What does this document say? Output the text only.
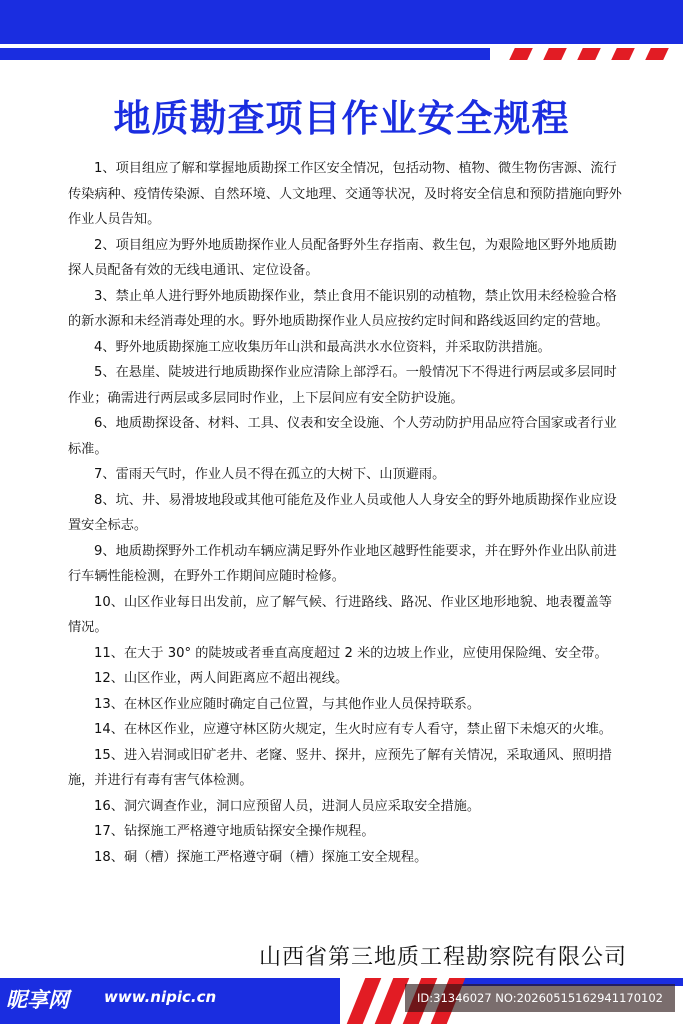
地质勘查项目作业安全规程

1、项目组应了解和掌握地质勘探工作区安全情况，包括动物、植物、微生物伤害源、流行传染病种、疫情传染源、自然环境、人文地理、交通等状况，及时将安全信息和预防措施向野外作业人员告知。

2、项目组应为野外地质勘探作业人员配备野外生存指南、救生包，为艰险地区野外地质勘探人员配备有效的无线电通讯、定位设备。

3、禁止单人进行野外地质勘探作业，禁止食用不能识别的动植物，禁止饮用未经检验合格的新水源和未经消毒处理的水。野外地质勘探作业人员应按约定时间和路线返回约定的营地。

4、野外地质勘探施工应收集历年山洪和最高洪水水位资料，并采取防洪措施。

5、在悬崖、陡坡进行地质勘探作业应清除上部浮石。一般情况下不得进行两层或多层同时作业；确需进行两层或多层同时作业，上下层间应有安全防护设施。

6、地质勘探设备、材料、工具、仪表和安全设施、个人劳动防护用品应符合国家或者行业标准。

7、雷雨天气时，作业人员不得在孤立的大树下、山顶避雨。

8、坑、井、易滑坡地段或其他可能危及作业人员或他人人身安全的野外地质勘探作业应设置安全标志。

9、地质勘探野外工作机动车辆应满足野外作业地区越野性能要求，并在野外作业出队前进行车辆性能检测，在野外工作期间应随时检修。

10、山区作业每日出发前，应了解气候、行进路线、路况、作业区地形地貌、地表覆盖等情况。

11、在大于 30° 的陡坡或者垂直高度超过 2 米的边坡上作业，应使用保险绳、安全带。

12、山区作业，两人间距离应不超出视线。

13、在林区作业应随时确定自己位置，与其他作业人员保持联系。

14、在林区作业，应遵守林区防火规定，生火时应有专人看守，禁止留下未熄灭的火堆。

15、进入岩洞或旧矿老井、老窿、竖井、探井，应预先了解有关情况，采取通风、照明措施，并进行有毒有害气体检测。

16、洞穴调查作业，洞口应预留人员，进洞人员应采取安全措施。

17、钻探施工严格遵守地质钻探安全操作规程。

18、硐（槽）探施工严格遵守硐（槽）探施工安全规程。

山西省第三地质工程勘察院有限公司
昵享网 www.nipic.cn	ID:31346027 NO:20260515162941170102
